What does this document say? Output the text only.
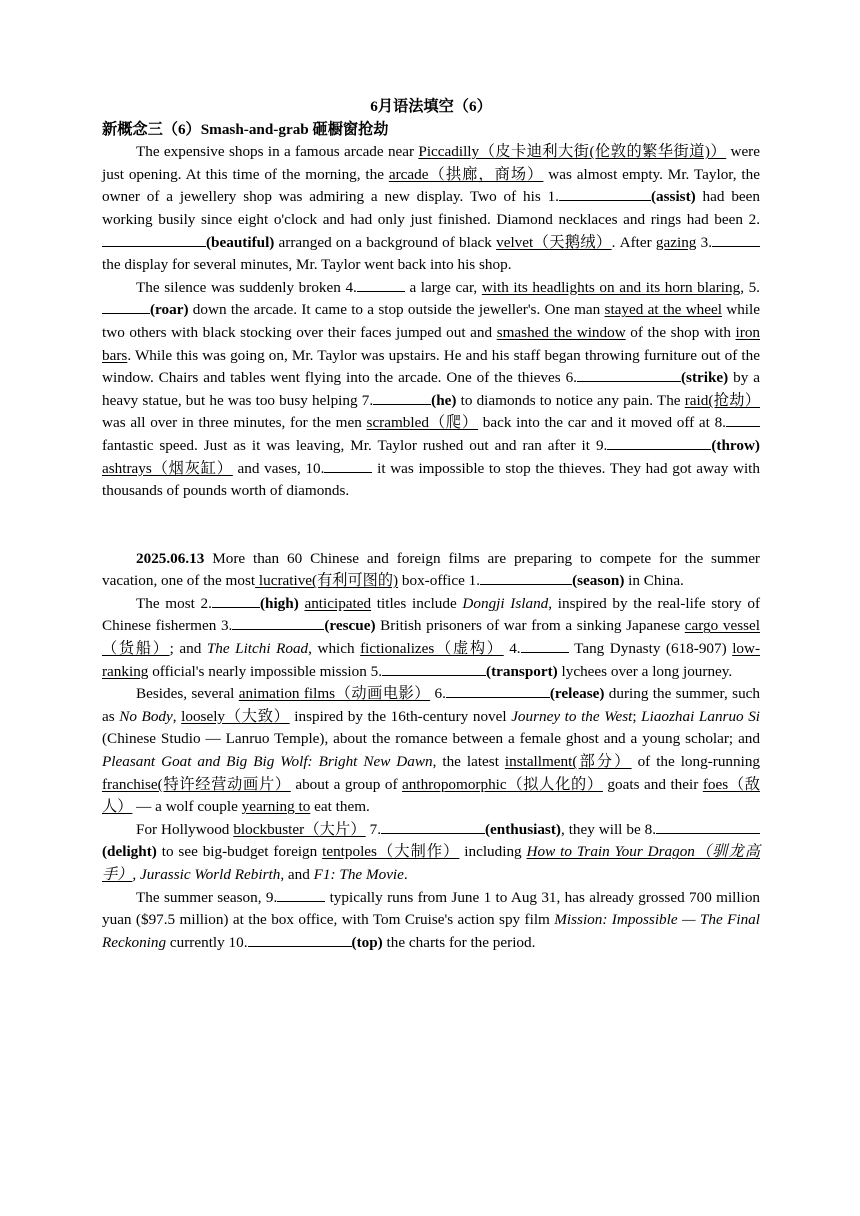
6月语法填空（6）
新概念三（6）Smash-and-grab 砸橱窗抢劫

The expensive shops in a famous arcade near Piccadilly（皮卡迪利大街(伦敦的繁华街道)） were just opening. At this time of the morning, the arcade（拱廊，商场） was almost empty. Mr. Taylor, the owner of a jewellery shop was admiring a new display. Two of his 1.	(assist) had been working busily since eight o'clock and had only just finished. Diamond necklaces and rings had been 2.(beautiful) arranged on a background of black velvet（天鹅绒）. After gazing 3. the display for several minutes, Mr. Taylor went back into his shop.

The silence was suddenly broken 4.	a large car, with its headlights on and its horn blaring, 5.(roar) down the arcade. It came to a stop outside the jeweller's. One man stayed at the wheel while two others with black stocking over their faces jumped out and smashed the window of the shop with iron bars. While this was going on, Mr. Taylor was upstairs. He and his staff began throwing furniture out of the window. Chairs and tables went flying into the arcade. One of the thieves 6.	(strike) by a heavy statue, but he was too busy helping 7.	(he) to diamonds to notice any pain. The raid(抢劫） was all over in three minutes, for the men scrambled（爬） back into the car and it moved off at 8. fantastic speed. Just as it was leaving, Mr. Taylor rushed out and ran after it 9.	(throw) ashtrays（烟灰缸） and vases, 10.	it was impossible to stop the thieves. They had got away with thousands of pounds worth of diamonds.

2025.06.13 More than 60 Chinese and foreign films are preparing to compete for the summer vacation, one of the most lucrative(有利可图的) box-office 1.	(season) in China.

The most 2.	(high) anticipated titles include Dongji Island, inspired by the real-life story of Chinese fishermen 3.	(rescue) British prisoners of war from a sinking Japanese cargo vessel（货船）; and The Litchi Road, which fictionalizes（虚构） 4.	Tang Dynasty (618-907) low-ranking official's nearly impossible mission 5.	(transport) lychees over a long journey.

Besides, several animation films（动画电影） 6.	(release) during the summer, such as No Body, loosely（大致） inspired by the 16th-century novel Journey to the West; Liaozhai Lanruo Si (Chinese Studio — Lanruo Temple), about the romance between a female ghost and a young scholar; and Pleasant Goat and Big Big Wolf: Bright New Dawn, the latest installment(部分） of the long-running franchise(特许经营动画片） about a group of anthropomorphic（拟人化的） goats and their foes（敌人） — a wolf couple yearning to eat them.

For Hollywood blockbuster（大片） 7.	(enthusiast), they will be 8.(delight) to see big-budget foreign tentpoles（大制作） including How to Train Your Dragon（驯龙高手）, Jurassic World Rebirth, and F1: The Movie.

The summer season, 9.	typically runs from June 1 to Aug 31, has already grossed 700 million yuan ($97.5 million) at the box office, with Tom Cruise's action spy film Mission: Impossible — The Final Reckoning currently 10.	(top) the charts for the period.
